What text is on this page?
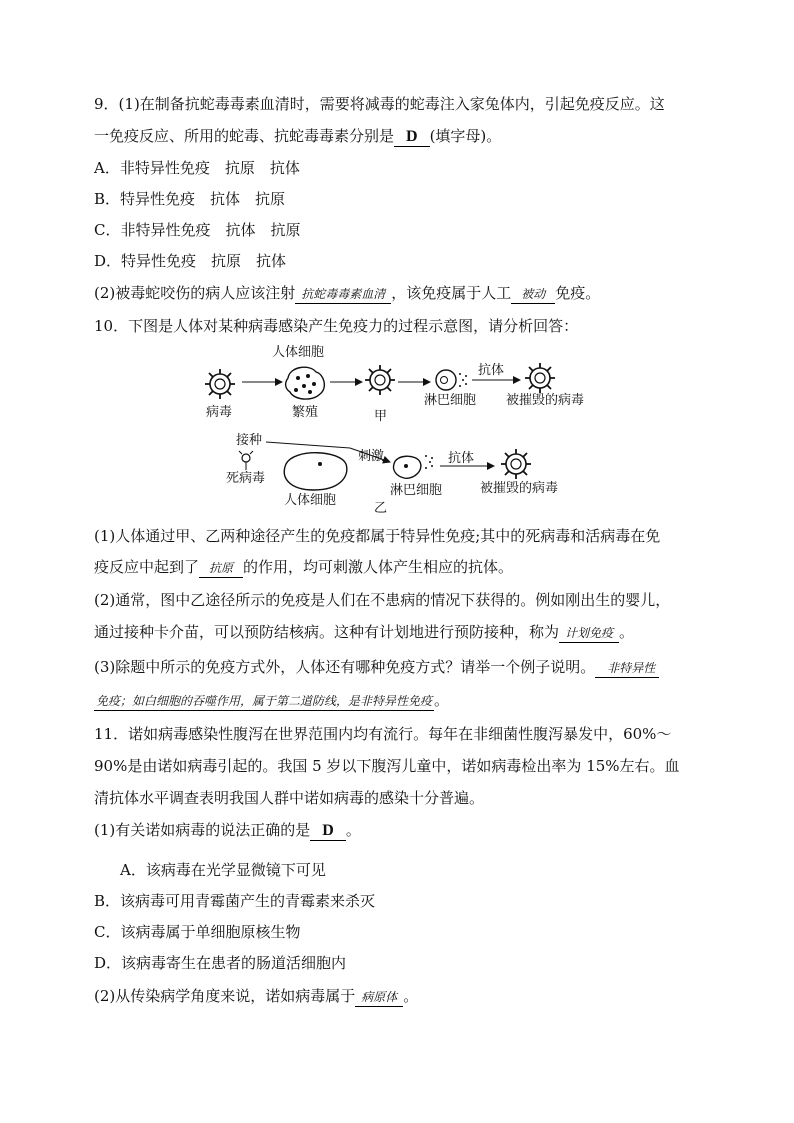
9．(1)在制备抗蛇毒毒素血清时，需要将减毒的蛇毒注入家兔体内，引起免疫反应。这
一免疫反应、所用的蛇毒、抗蛇毒毒素分别是 D (填字母)。
A．非特异性免疫　抗原　抗体
B．特异性免疫　抗体　抗原
C．非特异性免疫　抗体　抗原
D．特异性免疫　抗原　抗体
(2)被毒蛇咬伤的病人应该注射 抗蛇毒毒素血清 ，该免疫属于人工 被动 免疫。
10．下图是人体对某种病毒感染产生免疫力的过程示意图，请分析回答：
病毒
人体细胞
繁殖	甲
淋巴细胞
抗体
被摧毁的病毒
接种
死病毒
人体细胞
刺激
乙
淋巴细胞
抗体
被摧毁的病毒
(1)人体通过甲、乙两种途径产生的免疫都属于特异性免疫;其中的死病毒和活病毒在免
疫反应中起到了 抗原 的作用，均可刺激人体产生相应的抗体。
(2)通常，图中乙途径所示的免疫是人们在不患病的情况下获得的。例如刚出生的婴儿，
通过接种卡介苗，可以预防结核病。这种有计划地进行预防接种，称为 计划免疫 。
(3)除题中所示的免疫方式外，人体还有哪种免疫方式？请举一个例子说明。 非特异性
免疫；如白细胞的吞噬作用，属于第二道防线，是非特异性免疫 。
11．诺如病毒感染性腹泻在世界范围内均有流行。每年在非细菌性腹泻暴发中，60%～
90%是由诺如病毒引起的。我国 5 岁以下腹泻儿童中，诺如病毒检出率为 15%左右。血
清抗体水平调查表明我国人群中诺如病毒的感染十分普遍。
(1)有关诺如病毒的说法正确的是 D 。
A．该病毒在光学显微镜下可见
B．该病毒可用青霉菌产生的青霉素来杀灭
C．该病毒属于单细胞原核生物
D．该病毒寄生在患者的肠道活细胞内
(2)从传染病学角度来说，诺如病毒属于 病原体 。
